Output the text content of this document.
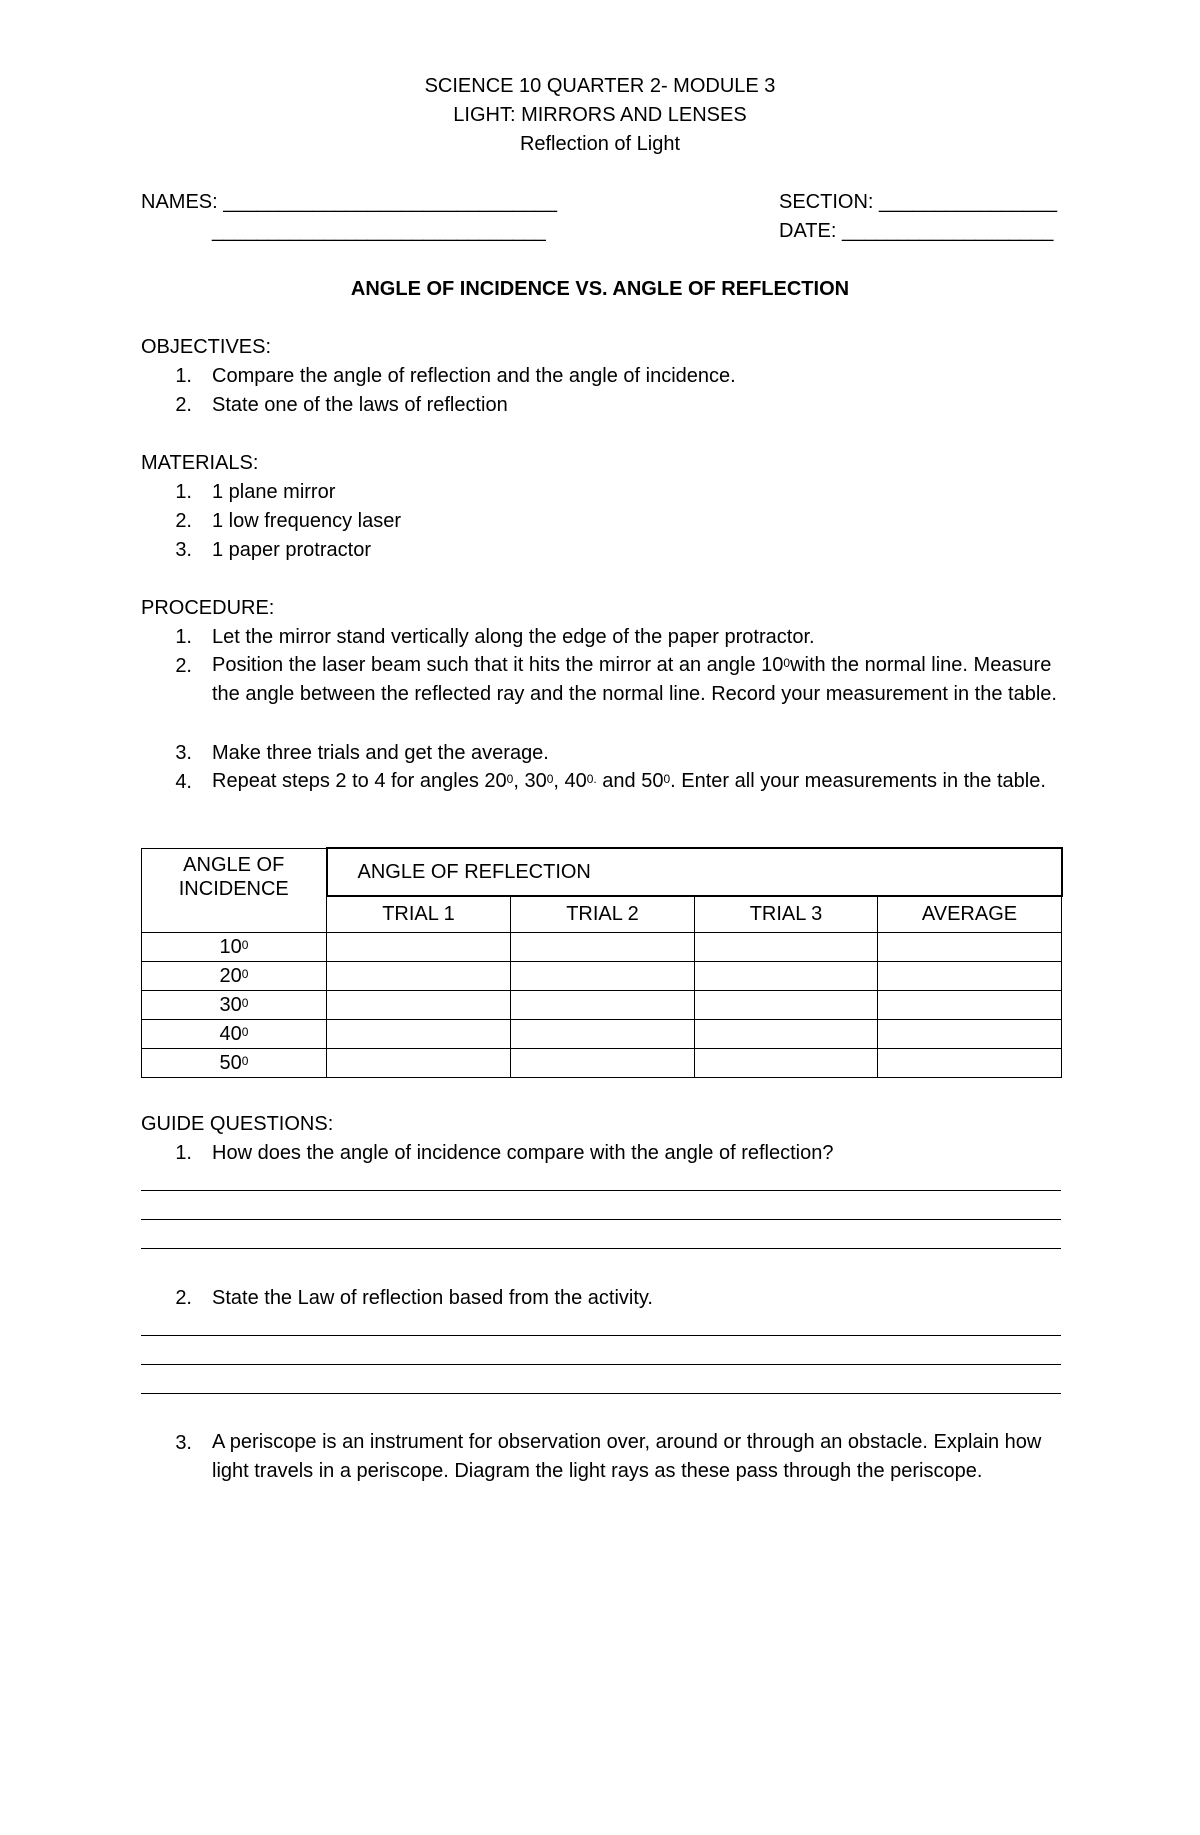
SCIENCE 10 QUARTER 2- MODULE 3
LIGHT: MIRRORS AND LENSES
Reflection of Light
NAMES: ______________________________
______________________________
SECTION: ________________
DATE: ___________________
ANGLE OF INCIDENCE VS. ANGLE OF REFLECTION
OBJECTIVES:
1. Compare the angle of reflection and the angle of incidence.
2. State one of the laws of reflection
MATERIALS:
1. 1 plane mirror
2. 1 low frequency laser
3. 1 paper protractor
PROCEDURE:
1. Let the mirror stand vertically along the edge of the paper protractor.
2. Position the laser beam such that it hits the mirror at an angle $10^0with$ the normal line. Measure the angle between the reflected ray and the normal line. Record your measurement in the table.
3. Make three trials and get the average.
4. Repeat steps 2 to 4 for angles $20^0$, $30^0$, $40^{0.}$ and $50^0$. Enter all your measurements in the table.
ANGLE OF INCIDENCE	ANGLE OF REFLECTION			
	TRIAL 1	TRIAL 2	TRIAL 3	AVERAGE
$10^0$				
$20^0$				
$30^0$				
$40^0$				
$50^0$				
GUIDE QUESTIONS:
1. How does the angle of incidence compare with the angle of reflection?
2. State the Law of reflection based from the activity.
3. A periscope is an instrument for observation over, around or through an obstacle. Explain how light travels in a periscope. Diagram the light rays as these pass through the periscope.
